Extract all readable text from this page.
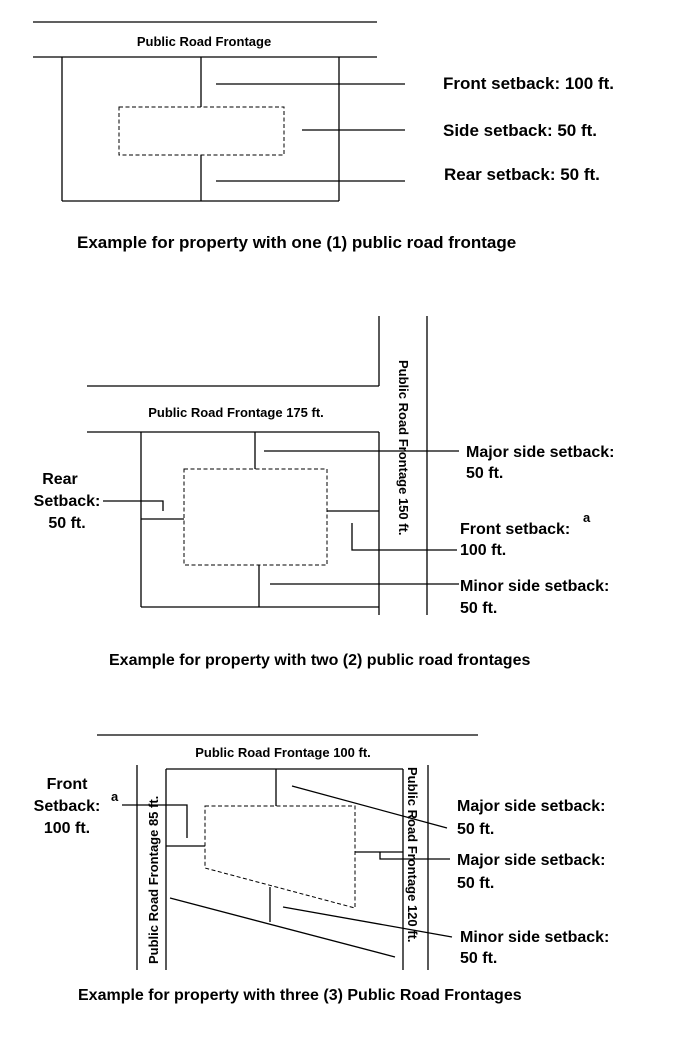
Public Road Frontage
Front setback: 100 ft.
Side setback: 50 ft.
Rear setback: 50 ft.
Example for property with one (1) public road frontage
Public Road Frontage 175 ft.	Public Road Frontage 150 ft.
Rear
Setback:
50 ft.
Major side setback:
50 ft.
Front setback:
a
100 ft.
Minor side setback:
50 ft.
Example for property with two (2) public road frontages
Public Road Frontage 100 ft.
Public Road Frontage 85 ft.	Public Road Frontage 120 ft.
Front
Setback:
a
100 ft.
Major side setback:
50 ft.
Major side setback:
50 ft.
Minor side setback:
50 ft.
Example for property with three (3) Public Road Frontages
